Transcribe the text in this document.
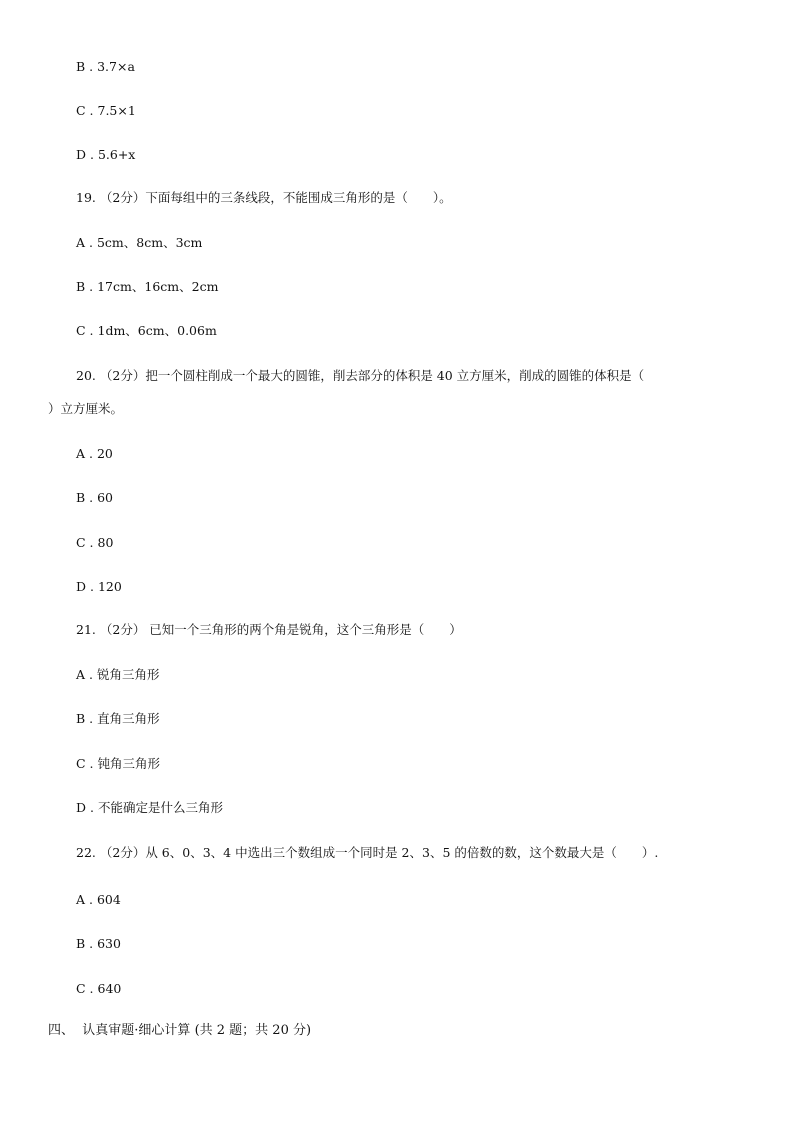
B . 3.7×a
C . 7.5×1
D . 5.6+x
19. （2分）下面每组中的三条线段，不能围成三角形的是（　　）。
A . 5cm、8cm、3cm
B . 17cm、16cm、2cm
C . 1dm、6cm、0.06m
20. （2分）把一个圆柱削成一个最大的圆锥，削去部分的体积是 40 立方厘米，削成的圆锥的体积是（
）立方厘米。
A . 20
B . 60
C . 80
D . 120
21. （2分） 已知一个三角形的两个角是锐角，这个三角形是（　　）
A . 锐角三角形
B . 直角三角形
C . 钝角三角形
D . 不能确定是什么三角形
22. （2分）从 6、0、3、4 中选出三个数组成一个同时是 2、3、5 的倍数的数，这个数最大是（　　）.
A . 604
B . 630
C . 640
四、 认真审题·细心计算 (共 2 题；共 20 分)
